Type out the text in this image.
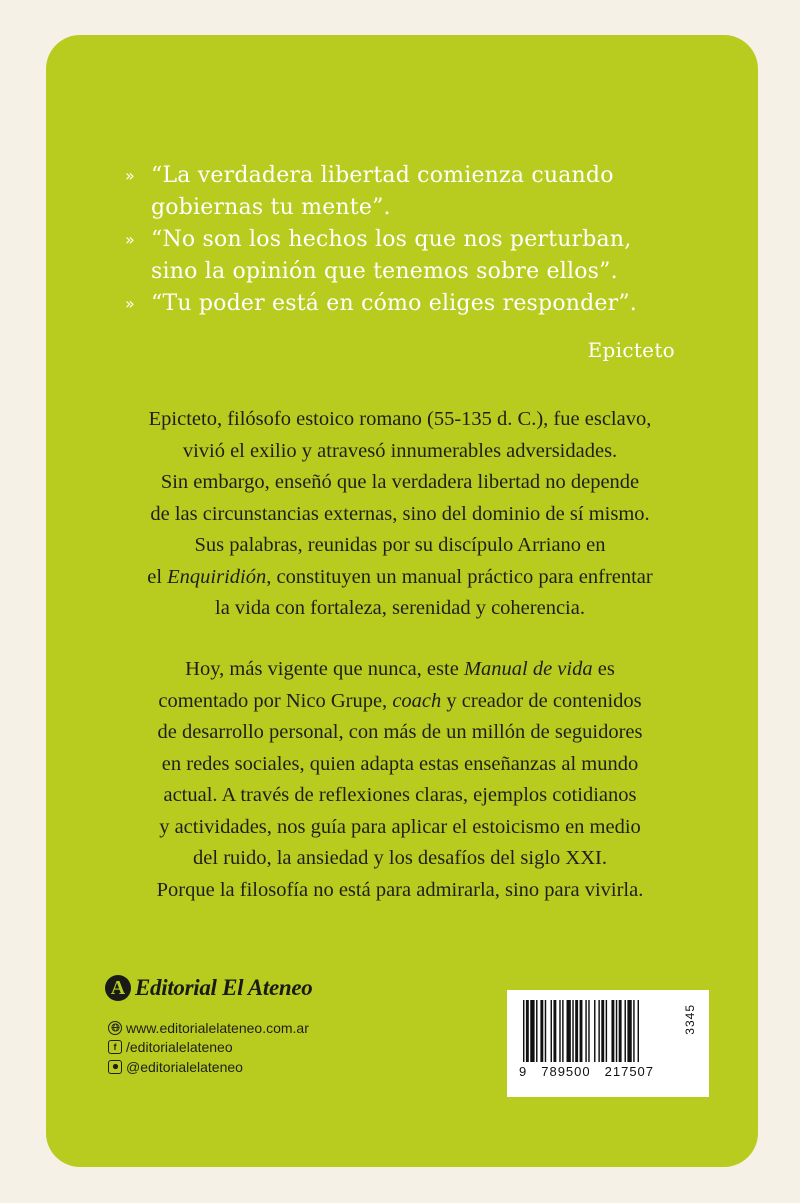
» “La verdadera libertad comienza cuando
gobiernas tu mente”.
» “No son los hechos los que nos perturban,
sino la opinión que tenemos sobre ellos”.
» “Tu poder está en cómo eliges responder”.
Epicteto
Epicteto, filósofo estoico romano (55-135 d. C.), fue esclavo,
vivió el exilio y atravesó innumerables adversidades.
Sin embargo, enseñó que la verdadera libertad no depende
de las circunstancias externas, sino del dominio de sí mismo.
Sus palabras, reunidas por su discípulo Arriano en
el Enquiridión, constituyen un manual práctico para enfrentar
la vida con fortaleza, serenidad y coherencia.
Hoy, más vigente que nunca, este Manual de vida es
comentado por Nico Grupe, coach y creador de contenidos
de desarrollo personal, con más de un millón de seguidores
en redes sociales, quien adapta estas enseñanzas al mundo
actual. A través de reflexiones claras, ejemplos cotidianos
y actividades, nos guía para aplicar el estoicismo en medio
del ruido, la ansiedad y los desafíos del siglo XXI.
Porque la filosofía no está para admirarla, sino para vivirla.
A Editorial El Ateneo
www.editorialelateneo.com.ar
f /editorialelateneo
@editorialelateneo	9 789500 217507
3345
